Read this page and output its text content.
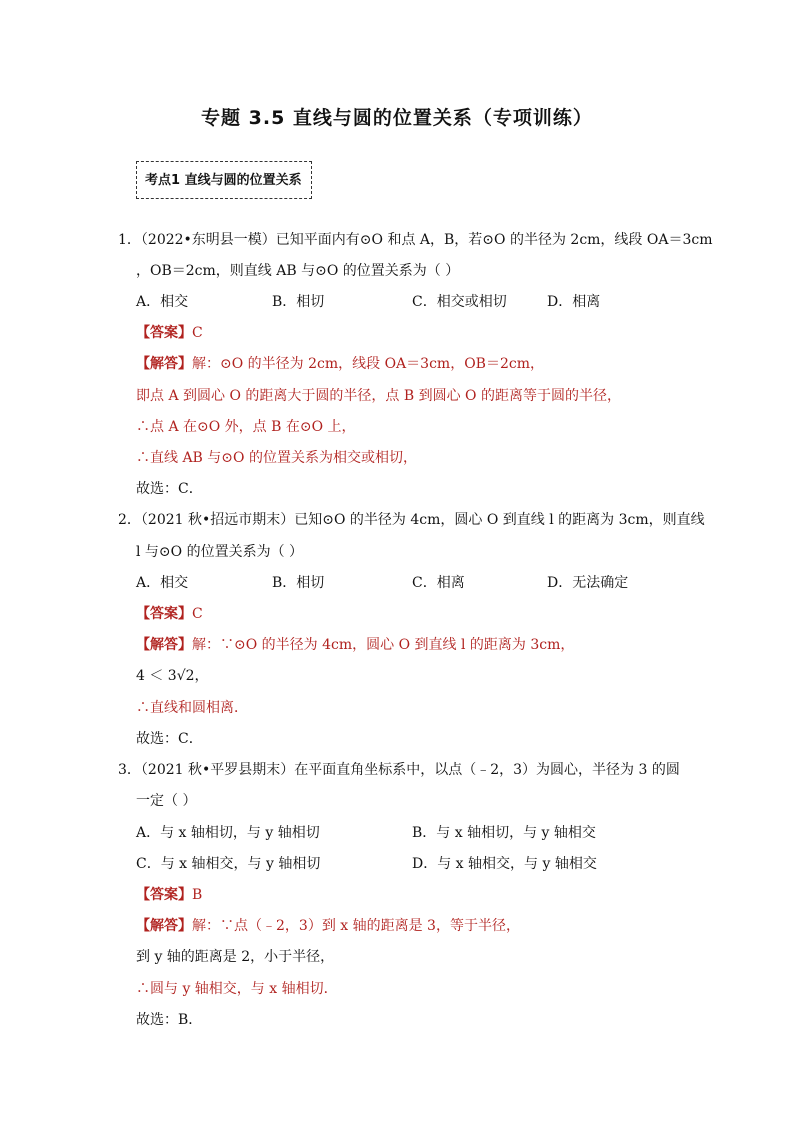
专题 3.5 直线与圆的位置关系（专项训练）
考点1 直线与圆的位置关系
1．（2022•东明县一模）已知平面内有⊙O 和点 A，B，若⊙O 的半径为 2cm，线段 OA＝3cm
，OB＝2cm，则直线 AB 与⊙O 的位置关系为（ ）
A．相交	B．相切	C．相交或相切	D．相离
【答案】C
【解答】解：⊙O 的半径为 2cm，线段 OA＝3cm，OB＝2cm，
即点 A 到圆心 O 的距离大于圆的半径，点 B 到圆心 O 的距离等于圆的半径，
∴点 A 在⊙O 外，点 B 在⊙O 上，
∴直线 AB 与⊙O 的位置关系为相交或相切，
故选：C．
2．（2021 秋•招远市期末）已知⊙O 的半径为 4cm，圆心 O 到直线 l 的距离为 3cm，则直线
l 与⊙O 的位置关系为（ ）
A．相交	B．相切	C．相离	D．无法确定
【答案】C
【解答】解：∵⊙O 的半径为 4cm，圆心 O 到直线 l 的距离为 3cm，
4 ＜ 3√2，
∴直线和圆相离．
故选：C．
3．（2021 秋•平罗县期末）在平面直角坐标系中，以点（﹣2，3）为圆心，半径为 3 的圆
一定（ ）
A．与 x 轴相切，与 y 轴相切	B．与 x 轴相切，与 y 轴相交
C．与 x 轴相交，与 y 轴相切	D．与 x 轴相交，与 y 轴相交
【答案】B
【解答】解：∵点（﹣2，3）到 x 轴的距离是 3，等于半径，
到 y 轴的距离是 2，小于半径，
∴圆与 y 轴相交，与 x 轴相切．
故选：B．
